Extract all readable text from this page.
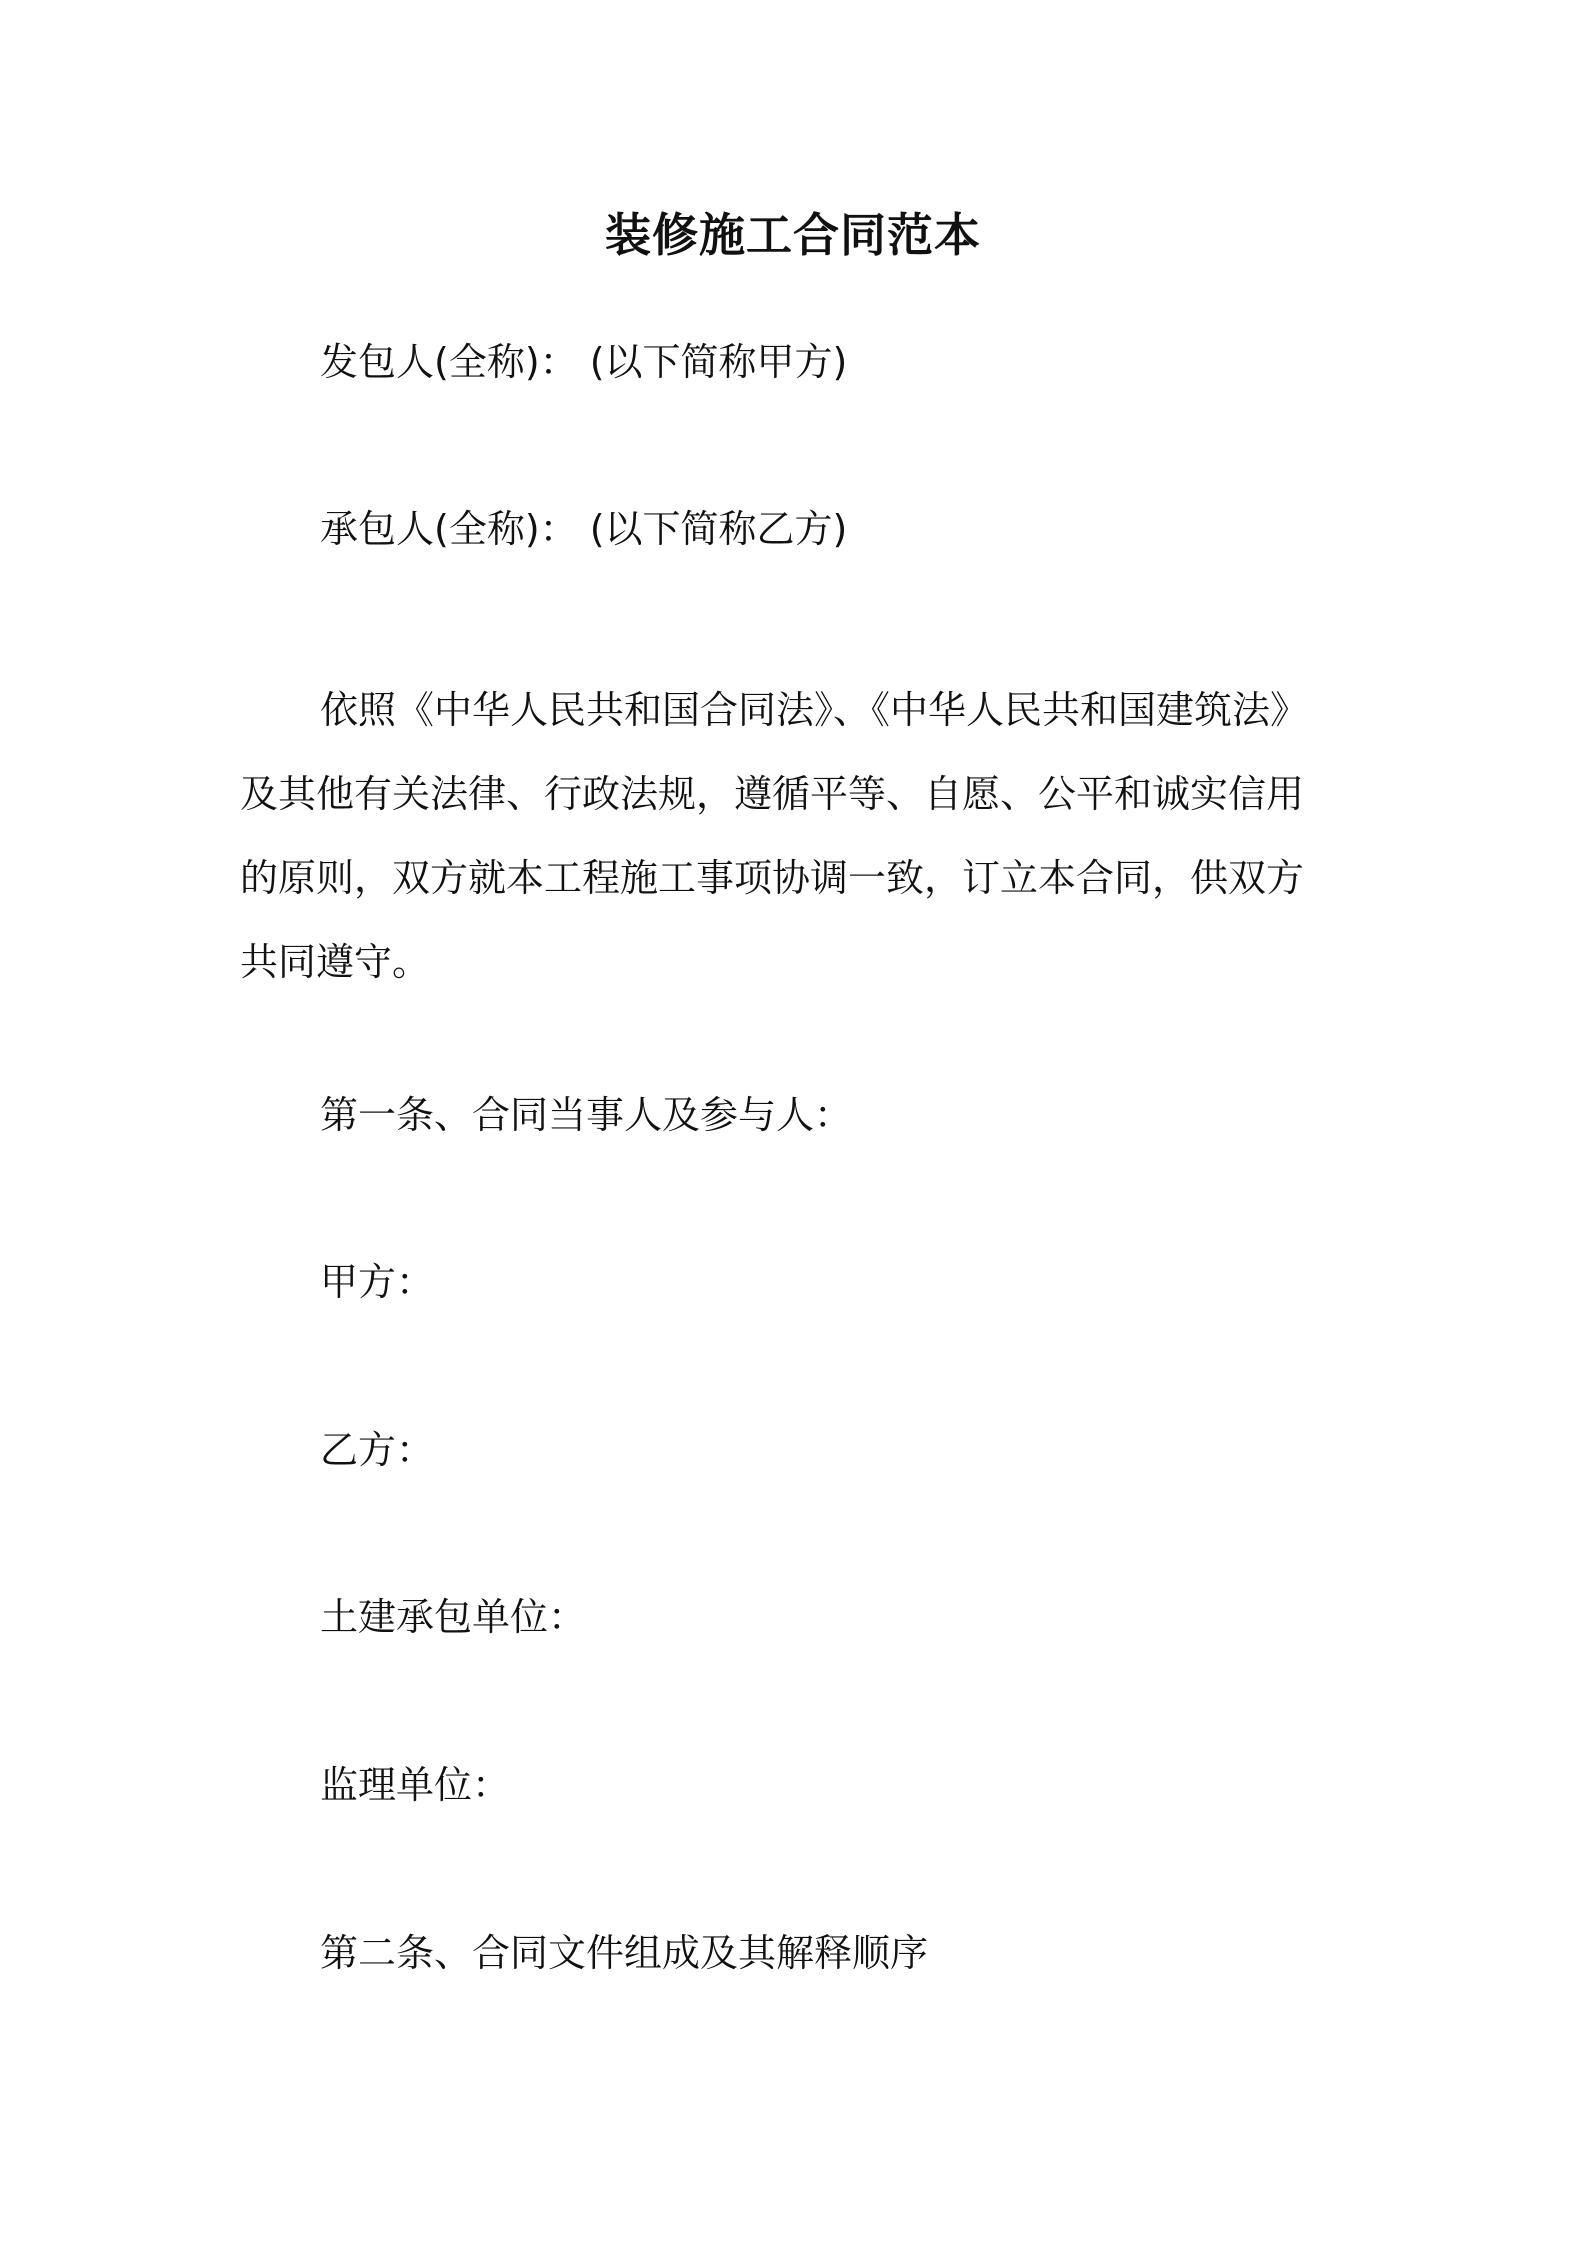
装修施工合同范本
发包人(全称)： (以下简称甲方)
承包人(全称)： (以下简称乙方)
依照《中华人民共和国合同法》、《中华人民共和国建筑法》
及其他有关法律、行政法规，遵循平等、自愿、公平和诚实信用
的原则，双方就本工程施工事项协调一致，订立本合同，供双方
共同遵守。
第一条、合同当事人及参与人：
甲方：
乙方：
土建承包单位：
监理单位：
第二条、合同文件组成及其解释顺序
